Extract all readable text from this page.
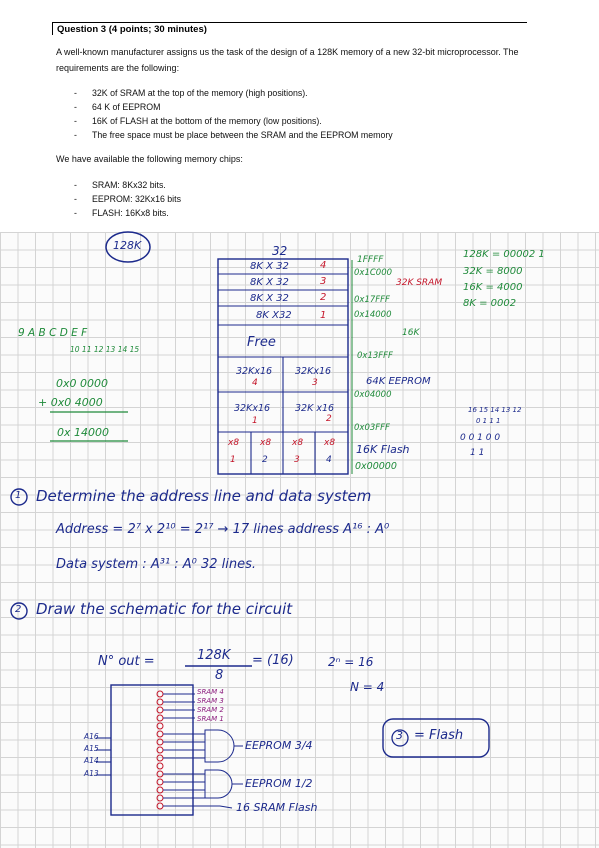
Question 3 (4 points; 30 minutes)
A well-known manufacturer assigns us the task of the design of a 128K memory of a new 32-bit microprocessor. The requirements are the following:
- 32K of SRAM at the top of the memory (high positions).
- 64 K of EEPROM
- 16K of FLASH at the bottom of the memory (low positions).
- The free space must be place between the SRAM and the EEPROM memory
We have available the following memory chips:
- SRAM: 8Kx32 bits.
- EEPROM: 32Kx16 bits
- FLASH: 16Kx8 bits.
128K	32
8K X 32	4
8K X 32	3
8K X 32	2
8K X32	1
Free
32Kx16
4
32Kx16
3
32Kx16
1
32K x16
2
x8
1
x8
2
x8
3
x8
4
9 A B C D E F
10 11 12 13 14 15
0x0 0000
+ 0x0 4000
0x 14000
1FFFF
0x1C000
32K SRAM
0x17FFF
0x14000
16K
0x13FFF
64K EEPROM
0x04000
0x03FFF
16K Flash
0x00000
128K = 00002 1
32K = 8000
16K = 4000
8K = 0002
16 15 14 13 12
0 1 1 1
0 0 1 0 0
1 1
1 Determine the address line and data system
Address = 2⁷ x 2¹⁰ = 2¹⁷ → 17 lines address A¹⁶ : A⁰
Data system : A³¹ : A⁰ 32 lines.
2 Draw the schematic for the circuit
N° out =	128K
8
= (16)	2ⁿ = 16
N = 4
A16
A15
A14
A13
SRAM 4
SRAM 3
SRAM 2
SRAM 1
EEPROM 3/4
EEPROM 1/2
16 SRAM Flash
3 = Flash
